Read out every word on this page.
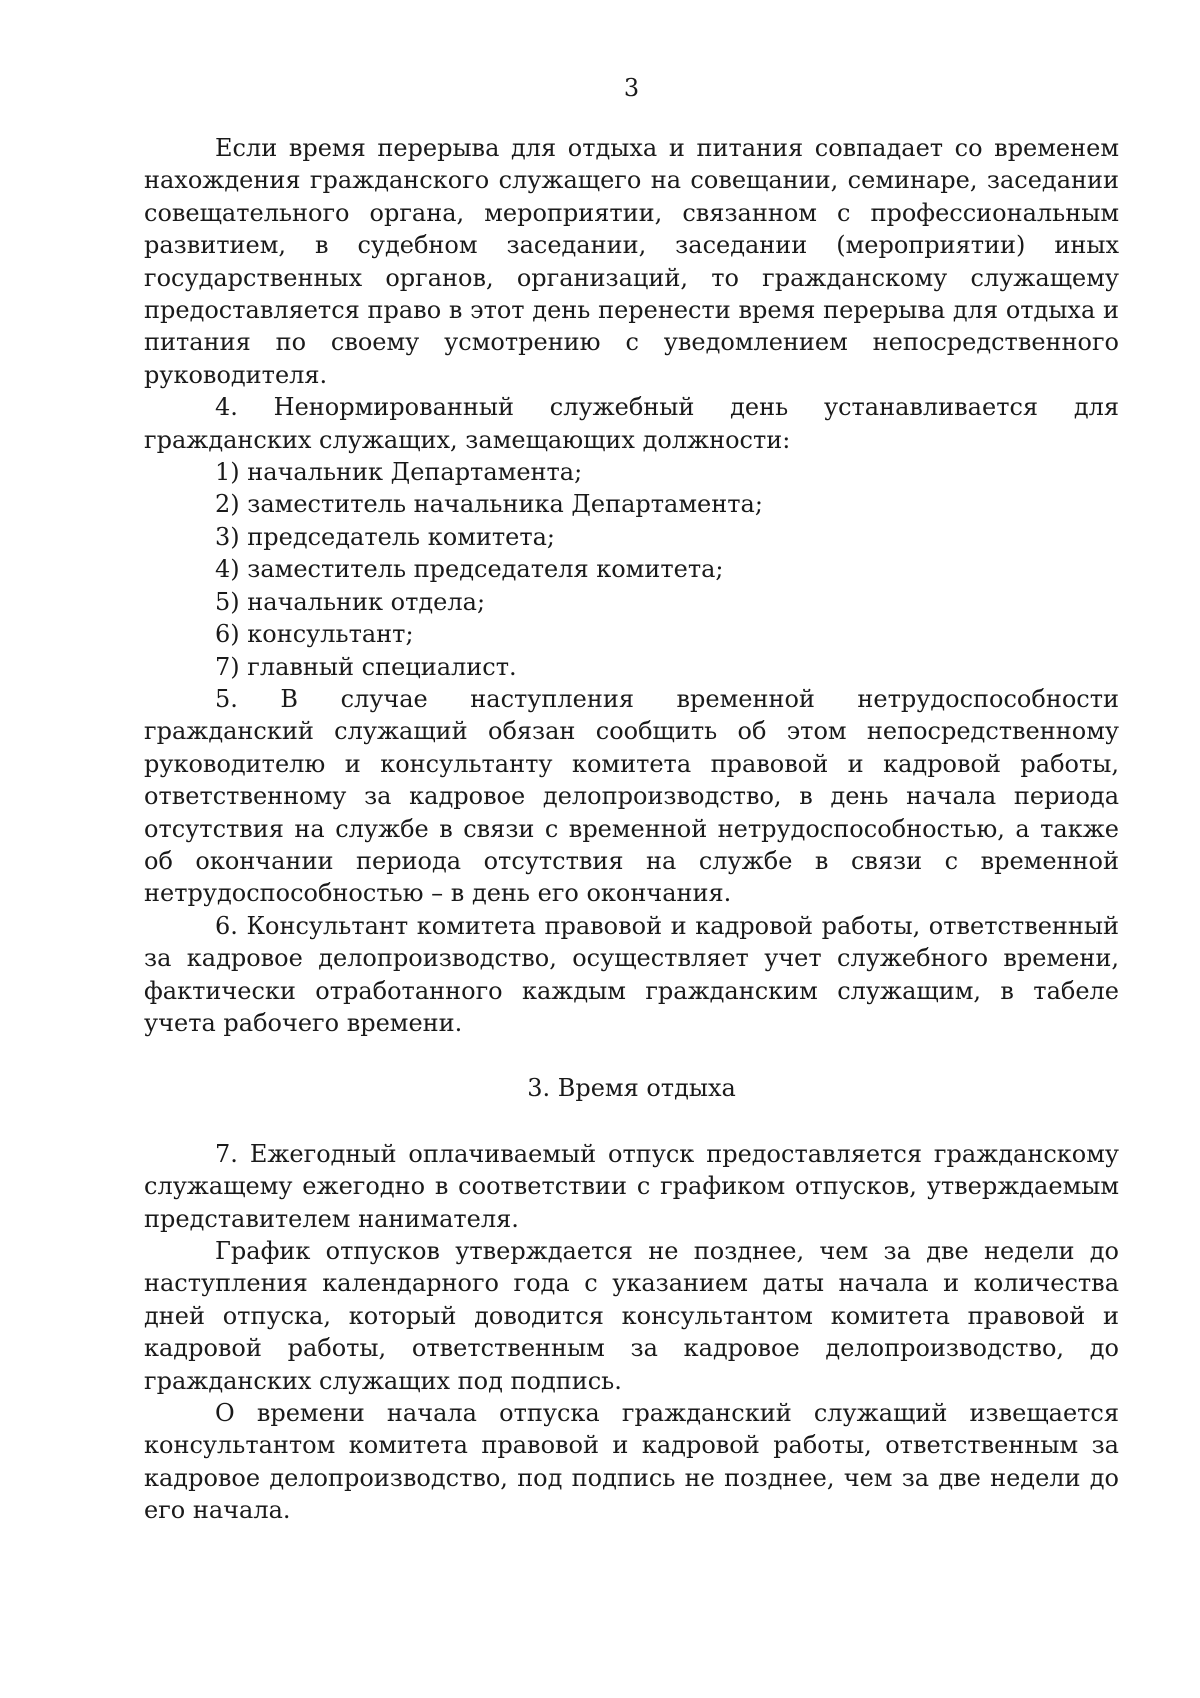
3

Если время перерыва для отдыха и питания совпадает со временем нахождения гражданского служащего на совещании, семинаре, заседании совещательного органа, мероприятии, связанном с профессиональным развитием, в судебном заседании, заседании (мероприятии) иных государственных органов, организаций, то гражданскому служащему предоставляется право в этот день перенести время перерыва для отдыха и питания по своему усмотрению с уведомлением непосредственного руководителя.

4. Ненормированный служебный день устанавливается для гражданских служащих, замещающих должности:

1) начальник Департамента;

2) заместитель начальника Департамента;

3) председатель комитета;

4) заместитель председателя комитета;

5) начальник отдела;

6) консультант;

7) главный специалист.

5. В случае наступления временной нетрудоспособности гражданский служащий обязан сообщить об этом непосредственному руководителю и консультанту комитета правовой и кадровой работы, ответственному за кадровое делопроизводство, в день начала периода отсутствия на службе в связи с временной нетрудоспособностью, а также об окончании периода отсутствия на службе в связи с временной нетрудоспособностью – в день его окончания.

6. Консультант комитета правовой и кадровой работы, ответственный за кадровое делопроизводство, осуществляет учет служебного времени, фактически отработанного каждым гражданским служащим, в табеле учета рабочего времени.

3. Время отдыха

7. Ежегодный оплачиваемый отпуск предоставляется гражданскому служащему ежегодно в соответствии с графиком отпусков, утверждаемым представителем нанимателя.

График отпусков утверждается не позднее, чем за две недели до наступления календарного года с указанием даты начала и количества дней отпуска, который доводится консультантом комитета правовой и кадровой работы, ответственным за кадровое делопроизводство, до гражданских служащих под подпись.

О времени начала отпуска гражданский служащий извещается консультантом комитета правовой и кадровой работы, ответственным за кадровое делопроизводство, под подпись не позднее, чем за две недели до его начала.
